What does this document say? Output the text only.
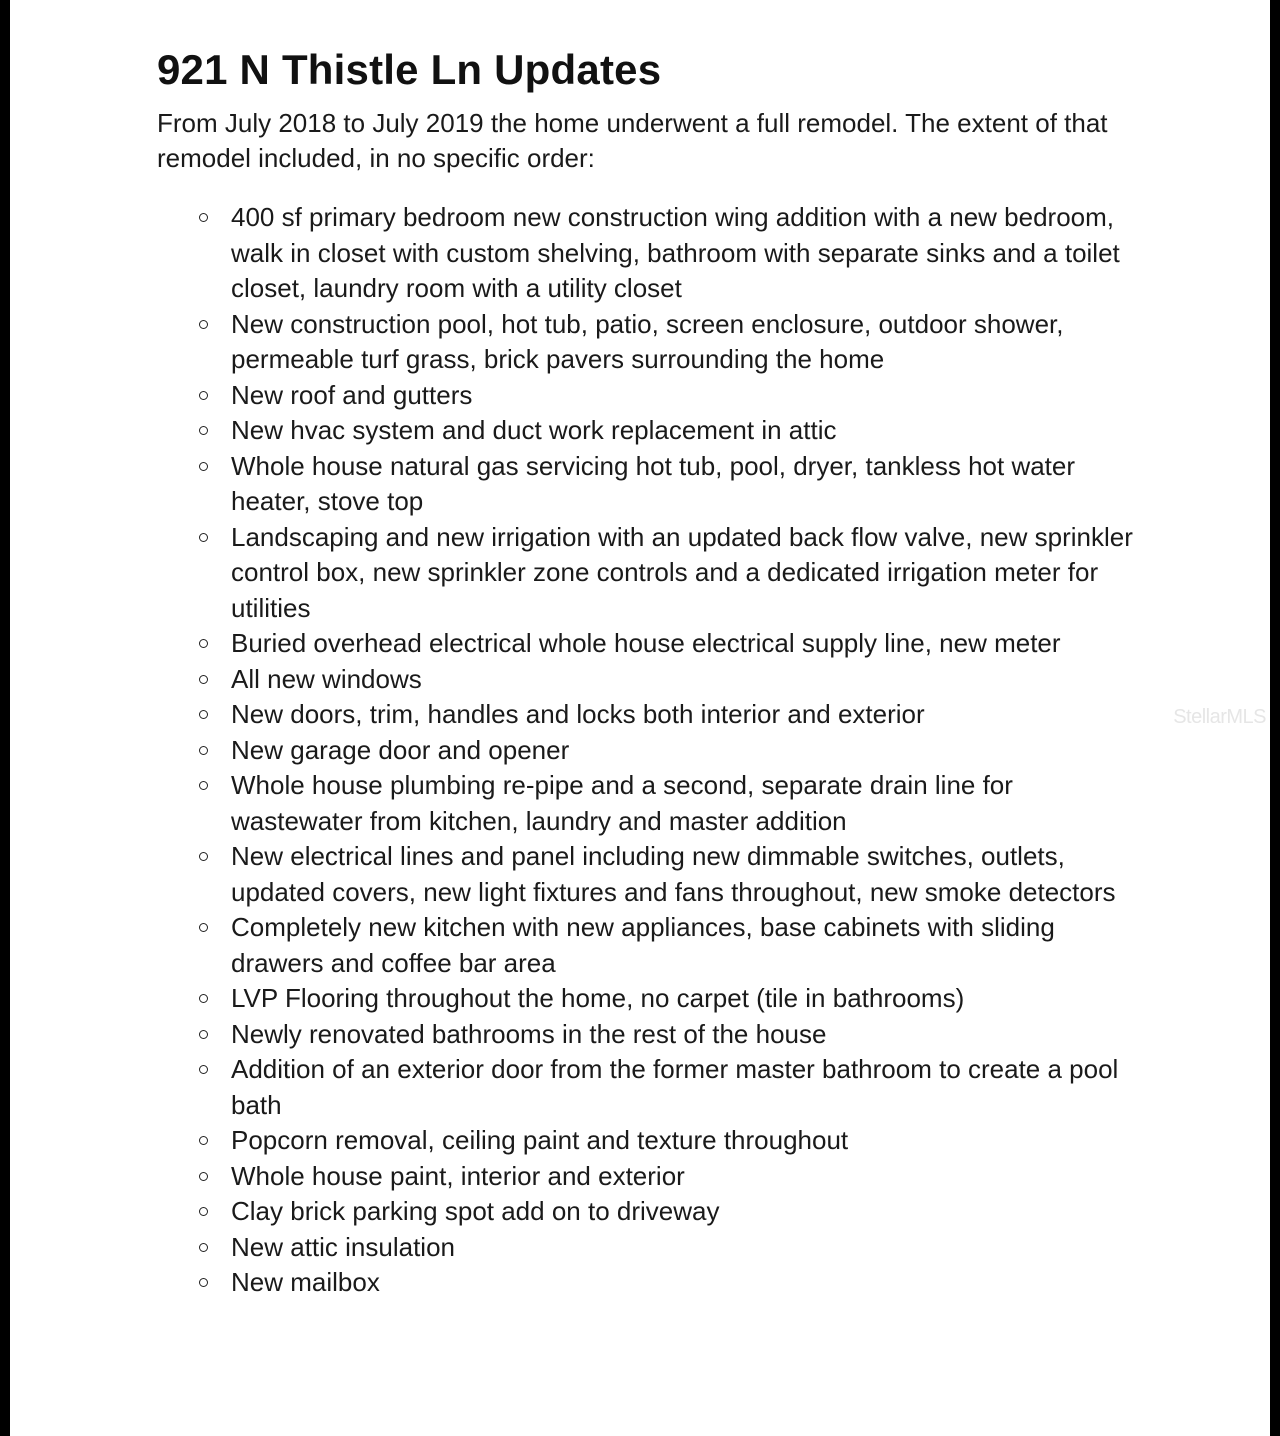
921 N Thistle Ln Updates

From July 2018 to July 2019 the home underwent a full remodel. The extent of that remodel included, in no specific order:

400 sf primary bedroom new construction wing addition with a new bedroom, walk in closet with custom shelving, bathroom with separate sinks and a toilet closet, laundry room with a utility closet
New construction pool, hot tub, patio, screen enclosure, outdoor shower, permeable turf grass, brick pavers surrounding the home
New roof and gutters
New hvac system and duct work replacement in attic
Whole house natural gas servicing hot tub, pool, dryer, tankless hot water heater, stove top
Landscaping and new irrigation with an updated back flow valve, new sprinkler control box, new sprinkler zone controls and a dedicated irrigation meter for utilities
Buried overhead electrical whole house electrical supply line, new meter
All new windows
New doors, trim, handles and locks both interior and exterior
New garage door and opener
Whole house plumbing re-pipe and a second, separate drain line for wastewater from kitchen, laundry and master addition
New electrical lines and panel including new dimmable switches, outlets, updated covers, new light fixtures and fans throughout, new smoke detectors
Completely new kitchen with new appliances, base cabinets with sliding drawers and coffee bar area
LVP Flooring throughout the home, no carpet (tile in bathrooms)
Newly renovated bathrooms in the rest of the house
Addition of an exterior door from the former master bathroom to create a pool bath
Popcorn removal, ceiling paint and texture throughout
Whole house paint, interior and exterior
Clay brick parking spot add on to driveway
New attic insulation
New mailbox
StellarMLS
